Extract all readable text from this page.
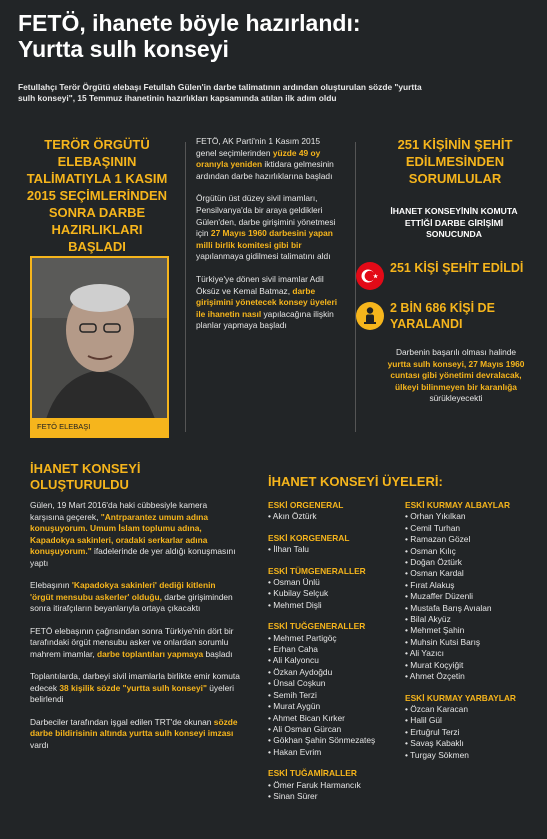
FETÖ, ihanete böyle hazırlandı:
Yurtta sulh konseyi
Fetullahçı Terör Örgütü elebaşı Fetullah Gülen'in darbe talimatının ardından oluşturulan sözde "yurtta sulh konseyi", 15 Temmuz ihanetinin hazırlıkları kapsamında atılan ilk adım oldu
TERÖR ÖRGÜTÜ ELEBAŞININ TALİMATIYLA 1 KASIM 2015 SEÇİMLERİNDEN SONRA DARBE HAZIRLIKLARI BAŞLADI
FETÖ ELEBAŞI

FETÖ, AK Parti'nin 1 Kasım 2015 genel seçimlerinden yüzde 49 oy oranıyla yeniden iktidara gelmesinin ardından darbe hazırlıklarına başladı

Örgütün üst düzey sivil imamları, Pensilvanya'da bir araya geldikleri Gülen'den, darbe girişimini yönetmesi için 27 Mayıs 1960 darbesini yapan milli birlik komitesi gibi bir yapılanmaya gidilmesi talimatını aldı

Türkiye'ye dönen sivil imamlar Adil Öksüz ve Kemal Batmaz, darbe girişimini yönetecek konsey üyeleri ile ihanetin nasıl yapılacağına ilişkin planlar yapmaya başladı

251 KİŞİNİN ŞEHİT EDİLMESİNDEN SORUMLULAR
İHANET KONSEYİNİN KOMUTA ETTİĞİ DARBE GİRİŞİMİ SONUCUNDA
251 KİŞİ ŞEHİT EDİLDİ
2 BİN 686 KİŞİ DE YARALANDI
Darbenin başarılı olması halinde yurtta sulh konseyi, 27 Mayıs 1960 cuntası gibi yönetimi devralacak, ülkeyi bilinmeyen bir karanlığa sürükleyecekti
İHANET KONSEYİ OLUŞTURULDU

Gülen, 19 Mart 2016'da haki cübbesiyle kamera karşısına geçerek, "Antrparantez umum adına konuşuyorum. Umum İslam toplumu adına, Kapadokya sakinleri, oradaki serkarlar adına konuşuyorum." ifadelerinde de yer aldığı konuşmasını yaptı

Elebaşının 'Kapadokya sakinleri' dediği kitlenin 'örgüt mensubu askerler' olduğu, darbe girişiminden sonra itirafçıların beyanlarıyla ortaya çıkacaktı

FETÖ elebaşının çağrısından sonra Türkiye'nin dört bir tarafındaki örgüt mensubu asker ve onlardan sorumlu mahrem imamlar, darbe toplantıları yapmaya başladı

Toplantılarda, darbeyi sivil imamlarla birlikte emir komuta edecek 38 kişilik sözde "yurtta sulh konseyi" üyeleri belirlendi

Darbeciler tarafından işgal edilen TRT'de okunan sözde darbe bildirisinin altında yurtta sulh konseyi imzası vardı

İHANET KONSEYİ ÜYELERİ:
ESKİ ORGENERAL
• Akın Öztürk
ESKİ KORGENERAL
• İlhan Talu
ESKİ TÜMGENERALLER
• Osman Ünlü
• Kubilay Selçuk
• Mehmet Dişli
ESKİ TUĞGENERALLER
• Mehmet Partigöç
• Erhan Caha
• Ali Kalyoncu
• Özkan Aydoğdu
• Ünsal Coşkun
• Semih Terzi
• Murat Aygün
• Ahmet Bican Kırker
• Ali Osman Gürcan
• Gökhan Şahin Sönmezateş
• Hakan Evrim
ESKİ TUĞAMİRALLER
• Ömer Faruk Harmancık
• Sinan Sürer
ESKİ KURMAY ALBAYLAR
• Orhan Yıkılkan
• Cemil Turhan
• Ramazan Gözel
• Osman Kılıç
• Doğan Öztürk
• Osman Kardal
• Fırat Alakuş
• Muzaffer Düzenli
• Mustafa Barış Avıalan
• Bilal Akyüz
• Mehmet Şahin
• Muhsin Kutsi Barış
• Ali Yazıcı
• Murat Koçyiğit
• Ahmet Özçetin
ESKİ KURMAY YARBAYLAR
• Özcan Karacan
• Halil Gül
• Ertuğrul Terzi
• Savaş Kabaklı
• Turgay Sökmen
